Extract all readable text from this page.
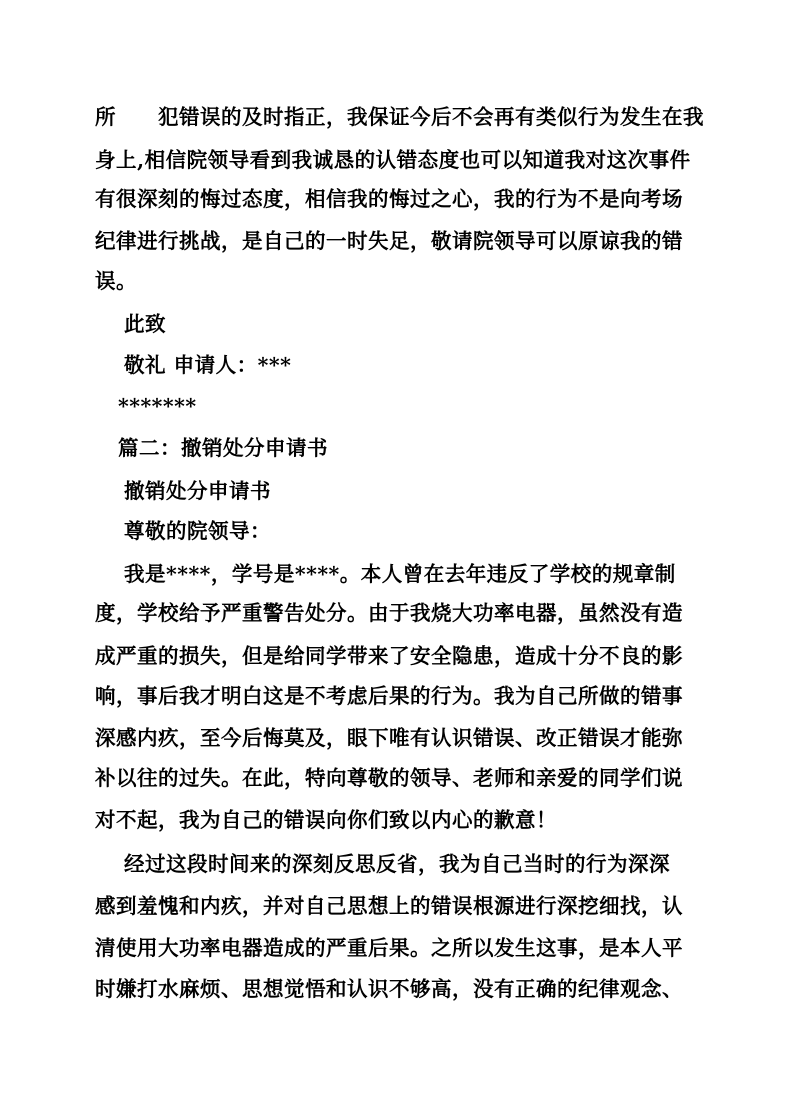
所　　犯错误的及时指正，我保证今后不会再有类似行为发生在我
身上,相信院领导看到我诚恳的认错态度也可以知道我对这次事件
有很深刻的悔过态度，相信我的悔过之心，我的行为不是向考场
纪律进行挑战，是自己的一时失足，敬请院领导可以原谅我的错
误。
此致
敬礼 申请人：***
*******
篇二：撤销处分申请书
撤销处分申请书
尊敬的院领导：
我是****，学号是****。本人曾在去年违反了学校的规章制
度，学校给予严重警告处分。由于我烧大功率电器，虽然没有造
成严重的损失，但是给同学带来了安全隐患，造成十分不良的影
响，事后我才明白这是不考虑后果的行为。我为自己所做的错事
深感内疚，至今后悔莫及，眼下唯有认识错误、改正错误才能弥
补以往的过失。在此，特向尊敬的领导、老师和亲爱的同学们说
对不起，我为自己的错误向你们致以内心的歉意！
经过这段时间来的深刻反思反省，我为自己当时的行为深深
感到羞愧和内疚，并对自己思想上的错误根源进行深挖细找，认
清使用大功率电器造成的严重后果。之所以发生这事，是本人平
时嫌打水麻烦、思想觉悟和认识不够高，没有正确的纪律观念、
